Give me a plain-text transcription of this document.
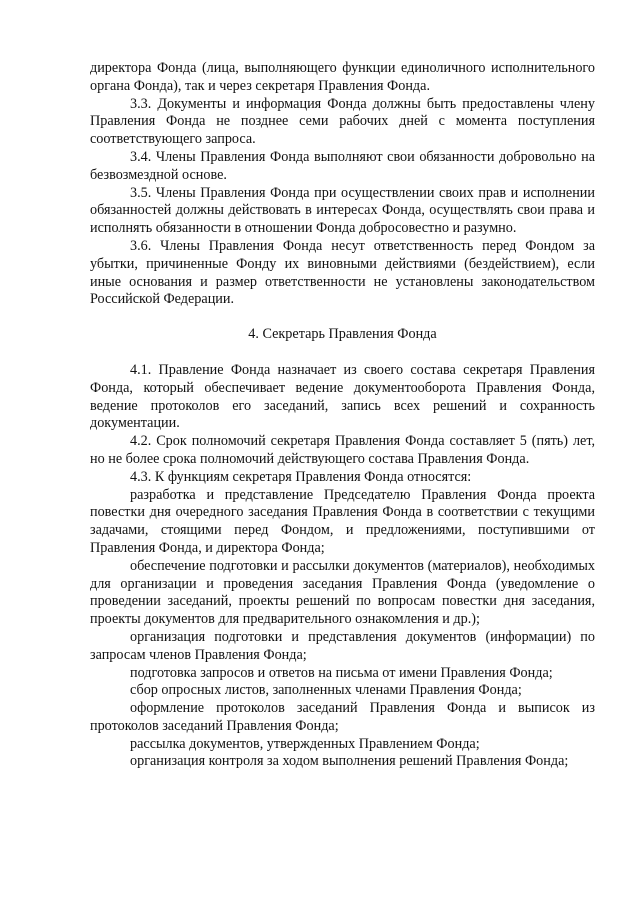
директора Фонда (лица, выполняющего функции единоличного исполнительного органа Фонда), так и через секретаря Правления Фонда.

3.3. Документы и информация Фонда должны быть предоставлены члену Правления Фонда не позднее семи рабочих дней с момента поступления соответствующего запроса.

3.4. Члены Правления Фонда выполняют свои обязанности добровольно на безвозмездной основе.

3.5. Члены Правления Фонда при осуществлении своих прав и исполнении обязанностей должны действовать в интересах Фонда, осуществлять свои права и исполнять обязанности в отношении Фонда добросовестно и разумно.

3.6. Члены Правления Фонда несут ответственность перед Фондом за убытки, причиненные Фонду их виновными действиями (бездействием), если иные основания и размер ответственности не установлены законодательством Российской Федерации.

4. Секретарь Правления Фонда

4.1. Правление Фонда назначает из своего состава секретаря Правления Фонда, который обеспечивает ведение документооборота Правления Фонда, ведение протоколов его заседаний, запись всех решений и сохранность документации.

4.2. Срок полномочий секретаря Правления Фонда составляет 5 (пять) лет, но не более срока полномочий действующего состава Правления Фонда.

4.3. К функциям секретаря Правления Фонда относятся:

разработка и представление Председателю Правления Фонда проекта повестки дня очередного заседания Правления Фонда в соответствии с текущими задачами, стоящими перед Фондом, и предложениями, поступившими от Правления Фонда, и директора Фонда;

обеспечение подготовки и рассылки документов (материалов), необходимых для организации и проведения заседания Правления Фонда (уведомление о проведении заседаний, проекты решений по вопросам повестки дня заседания, проекты документов для предварительного ознакомления и др.);

организация подготовки и представления документов (информации) по запросам членов Правления Фонда;

подготовка запросов и ответов на письма от имени Правления Фонда;

сбор опросных листов, заполненных членами Правления Фонда;

оформление протоколов заседаний Правления Фонда и выписок из протоколов заседаний Правления Фонда;

рассылка документов, утвержденных Правлением Фонда;

организация контроля за ходом выполнения решений Правления Фонда;
